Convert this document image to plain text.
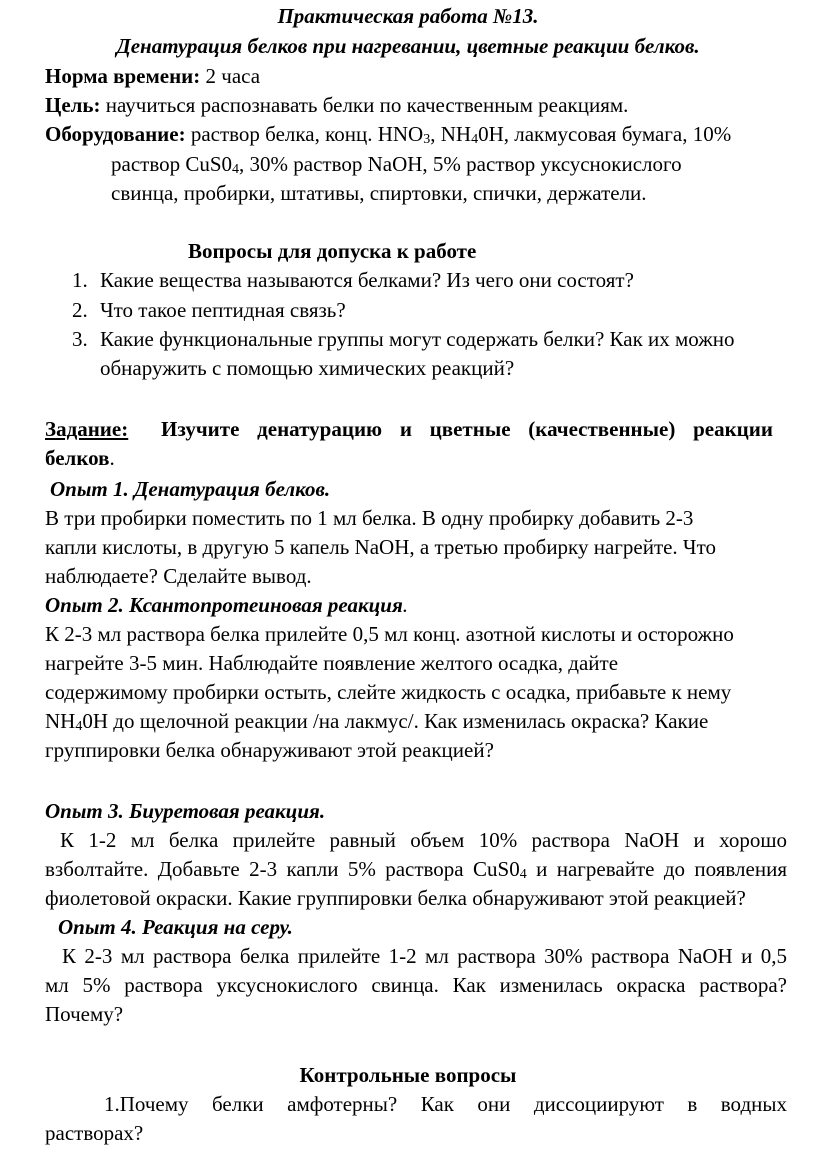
Практическая работа №13.
Денатурация белков при нагревании, цветные реакции белков.
Норма времени: 2 часа
Цель: научиться распознавать белки по качественным реакциям.
Оборудование: раствор белка, конц. $HNO_3$, $NH_40H$, лакмусовая бумага, 10%
раствор $CuS0_4$, 30% раствор NaOH, 5% раствор уксуснокислого
свинца, пробирки, штативы, спиртовки, спички, держатели.
Вопросы для допуска к работе
1. Какие вещества называются белками? Из чего они состоят?
2. Что такое пептидная связь?
3. Какие функциональные группы могут содержать белки? Как их можно
обнаружить с помощью химических реакций?
Задание: Изучите денатурацию и цветные (качественные) реакции
белков.
Опыт 1. Денатурация белков.
В три пробирки поместить по 1 мл белка. В одну пробирку добавить 2-3
капли кислоты, в другую 5 капель NaOH, а третью пробирку нагрейте. Что
наблюдаете? Сделайте вывод.
Опыт 2. Ксантопротеиновая реакция.
К 2-3 мл раствора белка прилейте 0,5 мл конц. азотной кислоты и осторожно
нагрейте 3-5 мин. Наблюдайте появление желтого осадка, дайте
содержимому пробирки остыть, слейте жидкость с осадка, прибавьте к нему
$NH_40H$ до щелочной реакции /на лакмус/. Как изменилась окраска? Какие
группировки белка обнаруживают этой реакцией?
Опыт 3. Биуретовая реакция.
К 1-2 мл белка прилейте равный объем 10% раствора NaOH и хорошо
взболтайте. Добавьте 2-3 капли 5% раствора $CuS0_4$ и нагревайте до появления
фиолетовой окраски. Какие группировки белка обнаруживают этой реакцией?
Опыт 4. Реакция на серу.
К 2-3 мл раствора белка прилейте 1-2 мл раствора 30% раствора NaOH и 0,5
мл 5% раствора уксуснокислого свинца. Как изменилась окраска раствора?
Почему?
Контрольные вопросы
1.Почему белки амфотерны? Как они диссоциируют в водных
растворах?
